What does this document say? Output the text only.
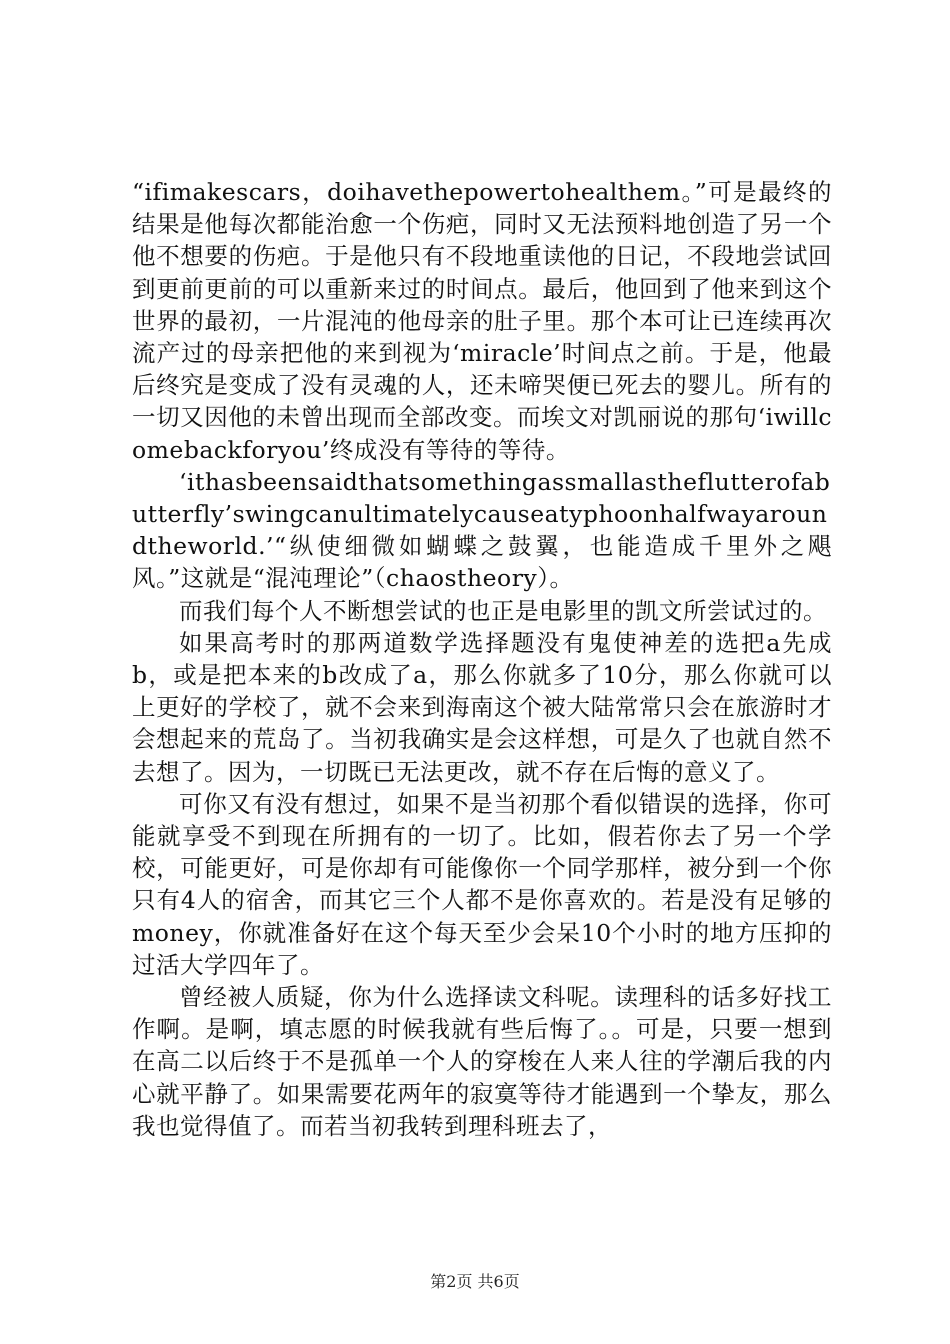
“ifimakescars，doihavethepowertohealthem。”可是最终的结果是他每次都能治愈一个伤疤，同时又无法预料地创造了另一个他不想要的伤疤。于是他只有不段地重读他的日记，不段地尝试回到更前更前的可以重新来过的时间点。最后，他回到了他来到这个世界的最初，一片混沌的他母亲的肚子里。那个本可让已连续再次流产过的母亲把他的来到视为‘miracle’时间点之前。于是，他最后终究是变成了没有灵魂的人，还未啼哭便已死去的婴儿。所有的一切又因他的未曾出现而全部改变。而埃文对凯丽说的那句‘iwillcomebackforyou’终成没有等待的等待。

‘ithasbeensaidthatsomethingassmallastheflutterofabutterfly’swingcanultimatelycauseatyphoonhalfwayaroundtheworld.’“纵使细微如蝴蝶之鼓翼，也能造成千里外之飓风。”这就是“混沌理论”（chaostheory）。

而我们每个人不断想尝试的也正是电影里的凯文所尝试过的。

如果高考时的那两道数学选择题没有鬼使神差的选把a先成b，或是把本来的b改成了a，那么你就多了10分，那么你就可以上更好的学校了，就不会来到海南这个被大陆常常只会在旅游时才会想起来的荒岛了。当初我确实是会这样想，可是久了也就自然不去想了。因为，一切既已无法更改，就不存在后悔的意义了。

可你又有没有想过，如果不是当初那个看似错误的选择，你可能就享受不到现在所拥有的一切了。比如，假若你去了另一个学校，可能更好，可是你却有可能像你一个同学那样，被分到一个你只有4人的宿舍，而其它三个人都不是你喜欢的。若是没有足够的money，你就准备好在这个每天至少会呆10个小时的地方压抑的过活大学四年了。

曾经被人质疑，你为什么选择读文科呢。读理科的话多好找工作啊。是啊，填志愿的时候我就有些后悔了。。可是，只要一想到在高二以后终于不是孤单一个人的穿梭在人来人往的学潮后我的内心就平静了。如果需要花两年的寂寞等待才能遇到一个挚友，那么我也觉得值了。而若当初我转到理科班去了，

第2页 共6页
